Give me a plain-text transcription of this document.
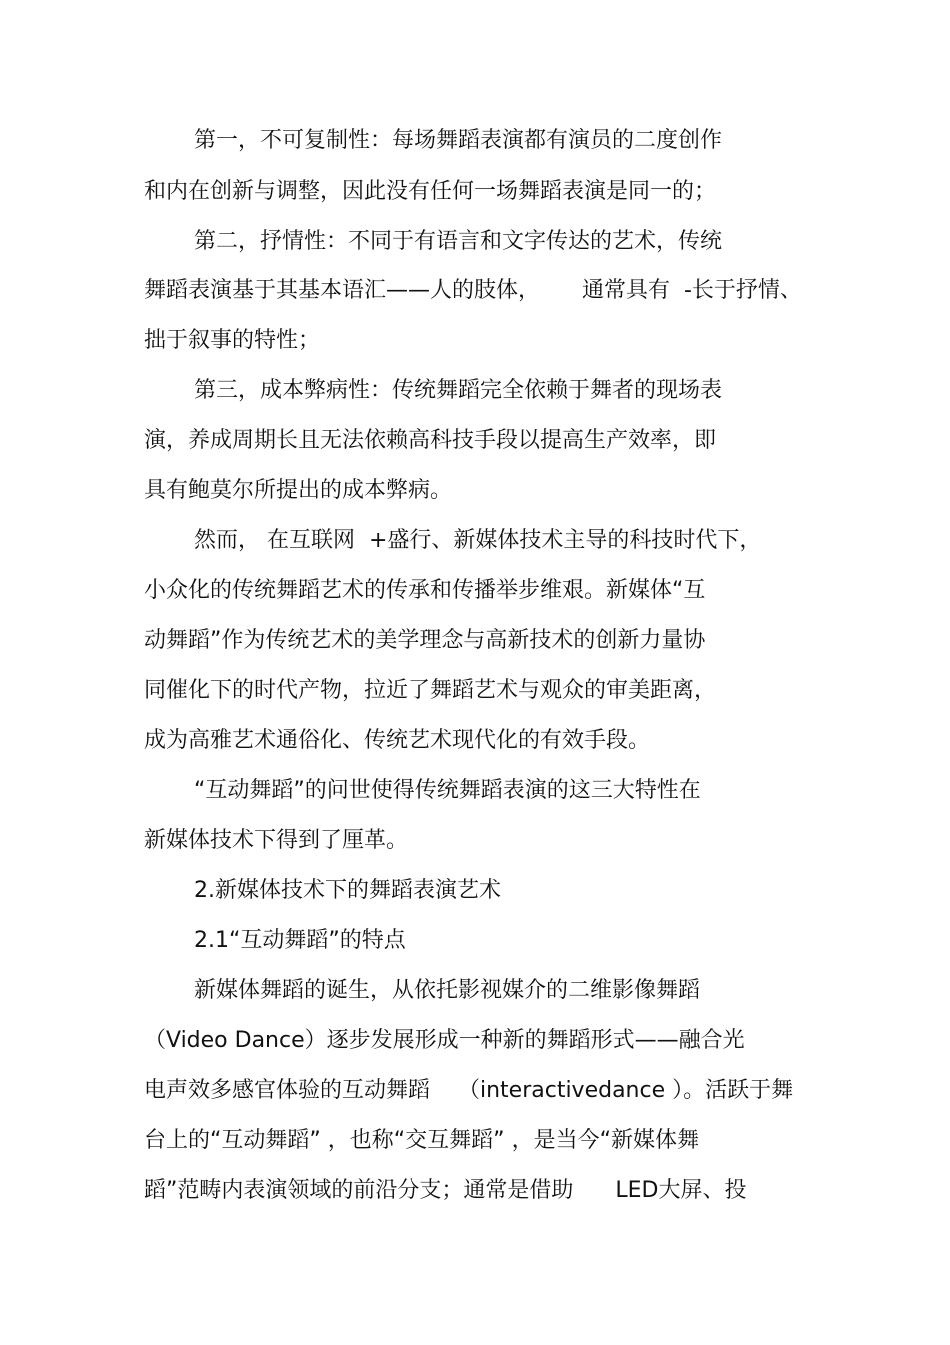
第一，不可复制性：每场舞蹈表演都有演员的二度创作
和内在创新与调整，因此没有任何一场舞蹈表演是同一的；
第二，抒情性：不同于有语言和文字传达的艺术，传统
舞蹈表演基于其基本语汇——人的肢体，      通常具有  -长于抒情、
拙于叙事的特性；
第三，成本弊病性：传统舞蹈完全依赖于舞者的现场表
演，养成周期长且无法依赖高科技手段以提高生产效率，即
具有鲍莫尔所提出的成本弊病。
然而， 在互联网  +盛行、新媒体技术主导的科技时代下，
小众化的传统舞蹈艺术的传承和传播举步维艰。新媒体“互
动舞蹈”作为传统艺术的美学理念与高新技术的创新力量协
同催化下的时代产物，拉近了舞蹈艺术与观众的审美距离，
成为高雅艺术通俗化、传统艺术现代化的有效手段。
“互动舞蹈”的问世使得传统舞蹈表演的这三大特性在
新媒体技术下得到了厘革。
2.新媒体技术下的舞蹈表演艺术
2.1“互动舞蹈”的特点
新媒体舞蹈的诞生，从依托影视媒介的二维影像舞蹈
（Video Dance）逐步发展形成一种新的舞蹈形式——融合光
电声效多感官体验的互动舞蹈    （interactivedance ）。活跃于舞
台上的“互动舞蹈” ，也称“交互舞蹈” ，是当今“新媒体舞
蹈”范畴内表演领域的前沿分支；通常是借助      LED大屏、投
